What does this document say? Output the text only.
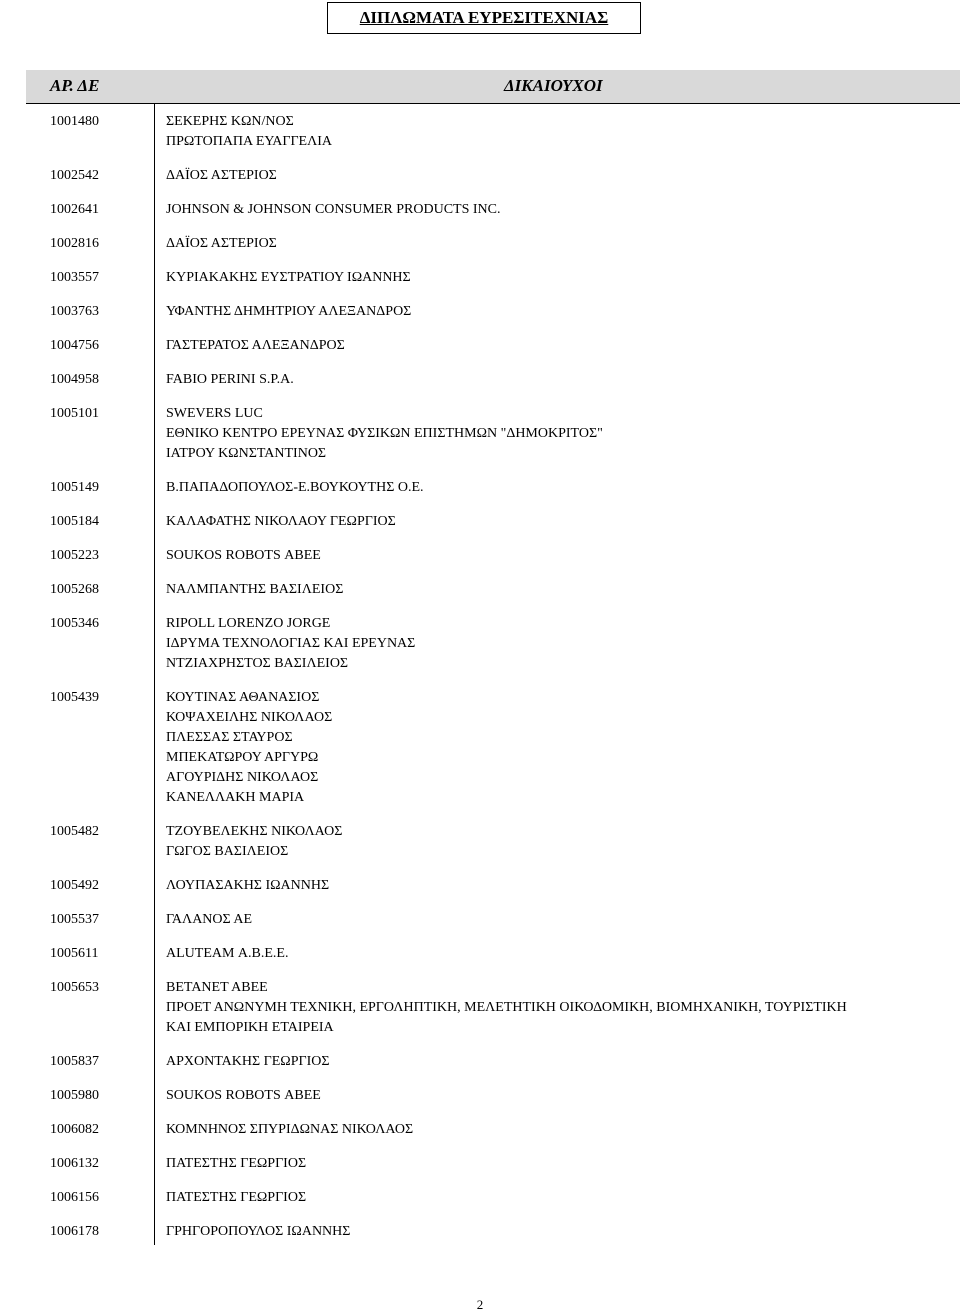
ΔΙΠΛΩΜΑΤΑ ΕΥΡΕΣΙΤΕΧΝΙΑΣ
ΑΡ. ΔΕ	ΔΙΚΑΙΟΥΧΟΙ
1001480	ΣΕΚΕΡΗΣ ΚΩΝ/ΝΟΣ
ΠΡΩΤΟΠΑΠΑ ΕΥΑΓΓΕΛΙΑ
1002542	ΔΑΪΟΣ ΑΣΤΕΡΙΟΣ
1002641	JOHNSON & JOHNSON CONSUMER PRODUCTS INC.
1002816	ΔΑΪΟΣ ΑΣΤΕΡΙΟΣ
1003557	ΚΥΡΙΑΚΑΚΗΣ ΕΥΣΤΡΑΤΙΟΥ ΙΩΑΝΝΗΣ
1003763	ΥΦΑΝΤΗΣ ΔΗΜΗΤΡΙΟΥ ΑΛΕΞΑΝΔΡΟΣ
1004756	ΓΑΣΤΕΡΑΤΟΣ ΑΛΕΞΑΝΔΡΟΣ
1004958	FABIO PERINI S.P.A.
1005101	SWEVERS LUC
ΕΘΝΙΚΟ ΚΕΝΤΡΟ ΕΡΕΥΝΑΣ ΦΥΣΙΚΩΝ ΕΠΙΣΤΗΜΩΝ "ΔΗΜΟΚΡΙΤΟΣ"
ΙΑΤΡΟΥ ΚΩΝΣΤΑΝΤΙΝΟΣ
1005149	Β.ΠΑΠΑΔΟΠΟΥΛΟΣ-Ε.ΒΟΥΚΟΥΤΗΣ Ο.Ε.
1005184	ΚΑΛΑΦΑΤΗΣ ΝΙΚΟΛΑΟΥ ΓΕΩΡΓΙΟΣ
1005223	SOUKOS ROBOTS ΑΒΕΕ
1005268	ΝΑΛΜΠΑΝΤΗΣ ΒΑΣΙΛΕΙΟΣ
1005346	RIPOLL LORENZO JORGE
ΙΔΡΥΜΑ ΤΕΧΝΟΛΟΓΙΑΣ ΚΑΙ ΕΡΕΥΝΑΣ
ΝΤΖΙΑΧΡΗΣΤΟΣ ΒΑΣΙΛΕΙΟΣ
1005439	ΚΟΥΤΙΝΑΣ ΑΘΑΝΑΣΙΟΣ
ΚΟΨΑΧΕΙΛΗΣ ΝΙΚΟΛΑΟΣ
ΠΛΕΣΣΑΣ ΣΤΑΥΡΟΣ
ΜΠΕΚΑΤΩΡΟΥ ΑΡΓΥΡΩ
ΑΓΟΥΡΙΔΗΣ ΝΙΚΟΛΑΟΣ
ΚΑΝΕΛΛΑΚΗ ΜΑΡΙΑ
1005482	ΤΖΟΥΒΕΛΕΚΗΣ ΝΙΚΟΛΑΟΣ
ΓΩΓΟΣ ΒΑΣΙΛΕΙΟΣ
1005492	ΛΟΥΠΑΣΑΚΗΣ ΙΩΑΝΝΗΣ
1005537	ΓΑΛΑΝΟΣ ΑΕ
1005611	ALUTEAM Α.Β.Ε.Ε.
1005653	ΒΕΤΑΝΕΤ ΑΒΕΕ
ΠΡΟΕΤ ΑΝΩΝΥΜΗ ΤΕΧΝΙΚΗ, ΕΡΓΟΛΗΠΤΙΚΗ, ΜΕΛΕΤΗΤΙΚΗ ΟΙΚΟΔΟΜΙΚΗ, ΒΙΟΜΗΧΑΝΙΚΗ, ΤΟΥΡΙΣΤΙΚΗ
ΚΑΙ ΕΜΠΟΡΙΚΗ ΕΤΑΙΡΕΙΑ
1005837	ΑΡΧΟΝΤΑΚΗΣ ΓΕΩΡΓΙΟΣ
1005980	SOUKOS ROBOTS ΑΒΕΕ
1006082	ΚΟΜΝΗΝΟΣ ΣΠΥΡΙΔΩΝΑΣ ΝΙΚΟΛΑΟΣ
1006132	ΠΑΤΕΣΤΗΣ ΓΕΩΡΓΙΟΣ
1006156	ΠΑΤΕΣΤΗΣ ΓΕΩΡΓΙΟΣ
1006178	ΓΡΗΓΟΡΟΠΟΥΛΟΣ ΙΩΑΝΝΗΣ
2
